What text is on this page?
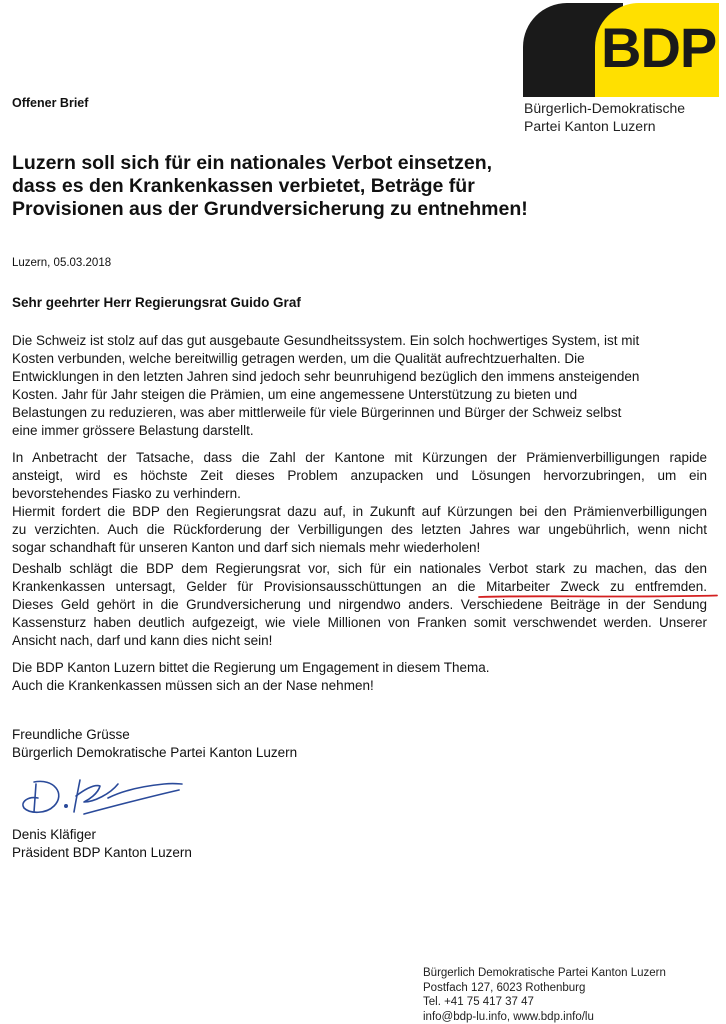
BDP
Bürgerlich-Demokratische
Partei Kanton Luzern
Offener Brief
Luzern soll sich für ein nationales Verbot einsetzen,
dass es den Krankenkassen verbietet, Beträge für
Provisionen aus der Grundversicherung zu entnehmen!
Luzern, 05.03.2018
Sehr geehrter Herr Regierungsrat Guido Graf
Die Schweiz ist stolz auf das gut ausgebaute Gesundheitssystem. Ein solch hochwertiges System, ist mit
Kosten verbunden, welche bereitwillig getragen werden, um die Qualität aufrechtzuerhalten. Die
Entwicklungen in den letzten Jahren sind jedoch sehr beunruhigend bezüglich den immens ansteigenden
Kosten. Jahr für Jahr steigen die Prämien, um eine angemessene Unterstützung zu bieten und
Belastungen zu reduzieren, was aber mittlerweile für viele Bürgerinnen und Bürger der Schweiz selbst
eine immer grössere Belastung darstellt.
In Anbetracht der Tatsache, dass die Zahl der Kantone mit Kürzungen der Prämienverbilligungen rapide
ansteigt, wird es höchste Zeit dieses Problem anzupacken und Lösungen hervorzubringen, um ein
bevorstehendes Fiasko zu verhindern.
Hiermit fordert die BDP den Regierungsrat dazu auf, in Zukunft auf Kürzungen bei den Prämienverbilligungen
zu verzichten. Auch die Rückforderung der Verbilligungen des letzten Jahres war ungebührlich, wenn nicht
sogar schandhaft für unseren Kanton und darf sich niemals mehr wiederholen!
Deshalb schlägt die BDP dem Regierungsrat vor, sich für ein nationales Verbot stark zu machen, das den
Krankenkassen untersagt, Gelder für Provisionsausschüttungen an die Mitarbeiter Zweck zu entfremden.
Dieses Geld gehört in die Grundversicherung und nirgendwo anders. Verschiedene Beiträge in der Sendung
Kassensturz haben deutlich aufgezeigt, wie viele Millionen von Franken somit verschwendet werden. Unserer
Ansicht nach, darf und kann dies nicht sein!
Die BDP Kanton Luzern bittet die Regierung um Engagement in diesem Thema.
Auch die Krankenkassen müssen sich an der Nase nehmen!
Freundliche Grüsse
Bürgerlich Demokratische Partei Kanton Luzern
Denis Kläfiger
Präsident BDP Kanton Luzern
Bürgerlich Demokratische Partei Kanton Luzern
Postfach 127, 6023 Rothenburg
Tel. +41 75 417 37 47
info@bdp-lu.info, www.bdp.info/lu
